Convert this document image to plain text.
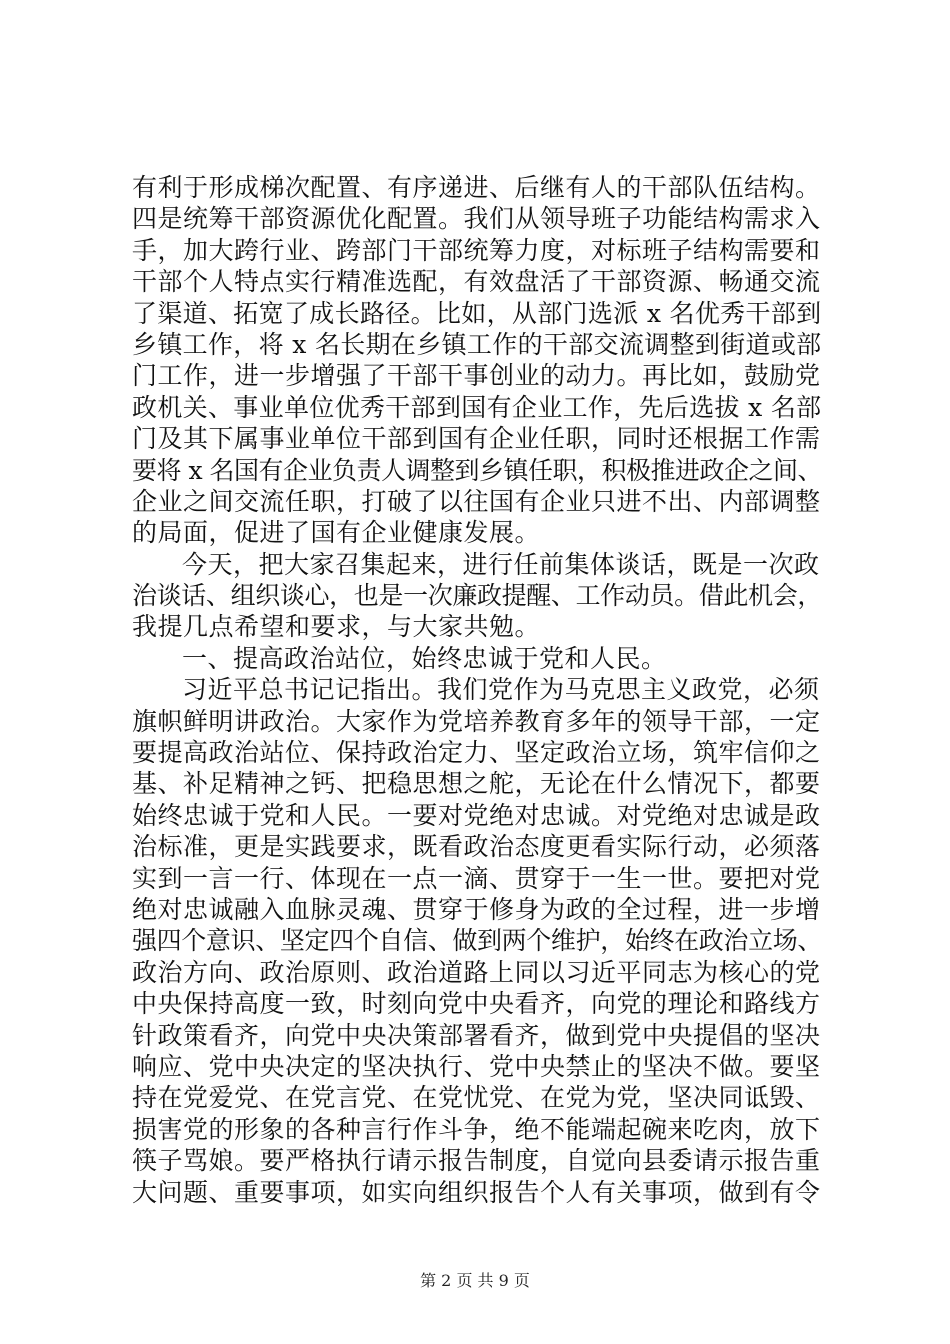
有利于形成梯次配置、有序递进、后继有人的干部队伍结构。
四是统筹干部资源优化配置。我们从领导班子功能结构需求入
手，加大跨行业、跨部门干部统筹力度，对标班子结构需要和
干部个人特点实行精准选配，有效盘活了干部资源、畅通交流
了渠道、拓宽了成长路径。比如，从部门选派 x 名优秀干部到
乡镇工作，将 x 名长期在乡镇工作的干部交流调整到街道或部
门工作，进一步增强了干部干事创业的动力。再比如，鼓励党
政机关、事业单位优秀干部到国有企业工作，先后选拔 x 名部
门及其下属事业单位干部到国有企业任职，同时还根据工作需
要将 x 名国有企业负责人调整到乡镇任职，积极推进政企之间、
企业之间交流任职，打破了以往国有企业只进不出、内部调整
的局面，促进了国有企业健康发展。
今天，把大家召集起来，进行任前集体谈话，既是一次政
治谈话、组织谈心，也是一次廉政提醒、工作动员。借此机会，
我提几点希望和要求，与大家共勉。
一、提高政治站位，始终忠诚于党和人民。
习近平总书记记指出。我们党作为马克思主义政党，必须
旗帜鲜明讲政治。大家作为党培养教育多年的领导干部，一定
要提高政治站位、保持政治定力、坚定政治立场，筑牢信仰之
基、补足精神之钙、把稳思想之舵，无论在什么情况下，都要
始终忠诚于党和人民。一要对党绝对忠诚。对党绝对忠诚是政
治标准，更是实践要求，既看政治态度更看实际行动，必须落
实到一言一行、体现在一点一滴、贯穿于一生一世。要把对党
绝对忠诚融入血脉灵魂、贯穿于修身为政的全过程，进一步增
强四个意识、坚定四个自信、做到两个维护，始终在政治立场、
政治方向、政治原则、政治道路上同以习近平同志为核心的党
中央保持高度一致，时刻向党中央看齐，向党的理论和路线方
针政策看齐，向党中央决策部署看齐，做到党中央提倡的坚决
响应、党中央决定的坚决执行、党中央禁止的坚决不做。要坚
持在党爱党、在党言党、在党忧党、在党为党，坚决同诋毁、
损害党的形象的各种言行作斗争，绝不能端起碗来吃肉，放下
筷子骂娘。要严格执行请示报告制度，自觉向县委请示报告重
大问题、重要事项，如实向组织报告个人有关事项，做到有令
第 2 页 共 9 页
